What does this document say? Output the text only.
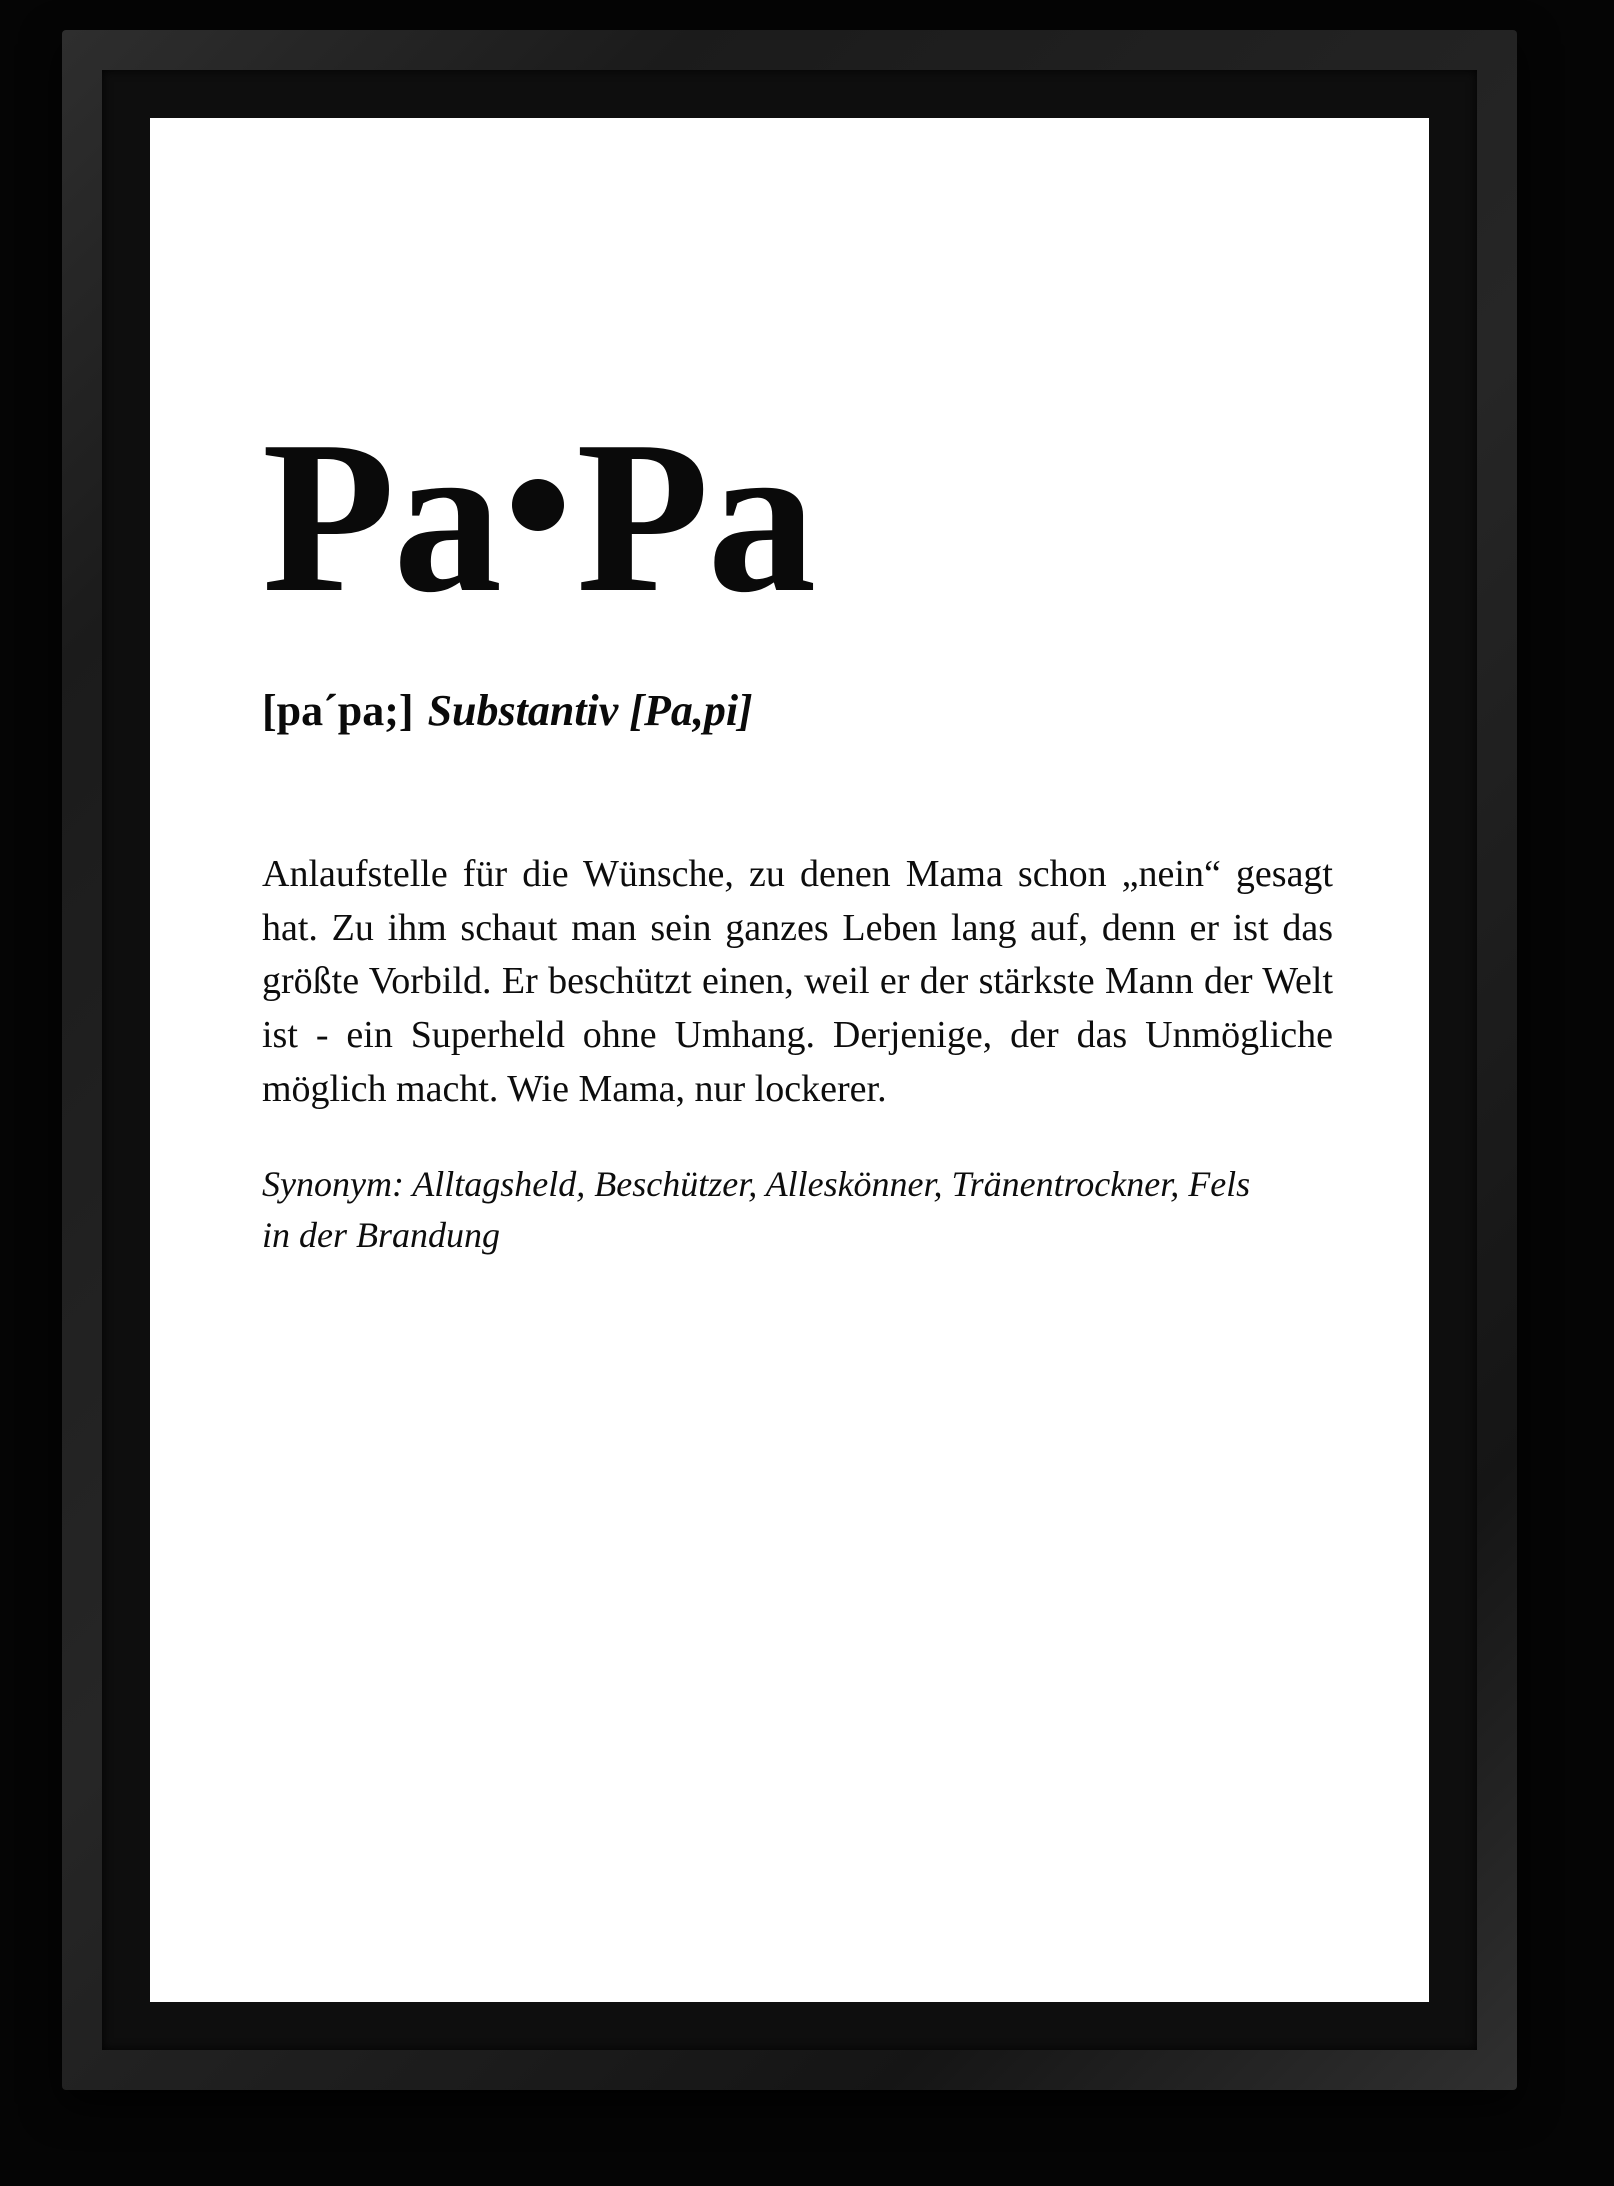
Pa Pa
[pa´pa;] Substantiv [Pa,pi]

Anlaufstelle für die Wünsche, zu denen Mama schon „nein“ gesagt hat. Zu ihm schaut man sein ganzes Leben lang auf, denn er ist das größte Vorbild. Er beschützt einen, weil er der stärkste Mann der Welt ist - ein Superheld ohne Umhang. Derjenige, der das Unmögliche möglich macht. Wie Mama, nur lockerer.

Synonym: Alltagsheld, Beschützer, Alleskönner, Tränentrockner, Fels in der Brandung
